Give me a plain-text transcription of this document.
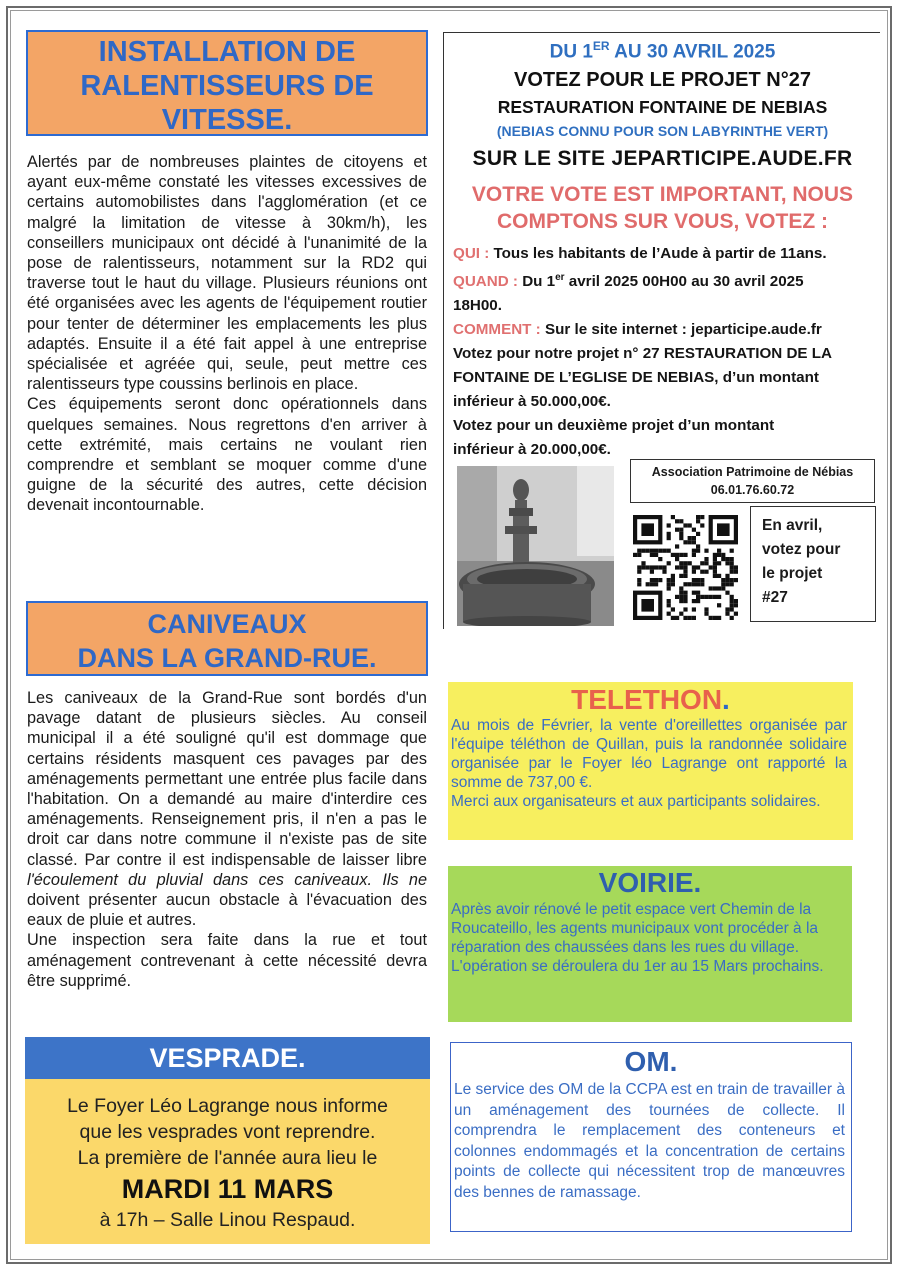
INSTALLATION DE
RALENTISSEURS DE
VITESSE.

Alertés par de nombreuses plaintes de citoyens et ayant eux-même constaté les vitesses excessives de certains automobilistes dans l'agglomération (et ce malgré la limitation de vitesse à 30km/h), les conseillers municipaux ont décidé à l'unanimité de la pose de ralentisseurs, notamment sur la RD2 qui traverse tout le haut du village. Plusieurs réunions ont été organisées avec les agents de l'équipement routier pour tenter de déterminer les emplacements les plus adaptés. Ensuite il a été fait appel à une entreprise spécialisée et agréée qui, seule, peut mettre ces ralentisseurs type coussins berlinois en place.

Ces équipements seront donc opérationnels dans quelques semaines. Nous regrettons d'en arriver à cette extrémité, mais certains ne voulant rien comprendre et semblant se moquer comme d'une guigne de la sécurité des autres, cette décision devenait incontournable.

CANIVEAUX
DANS LA GRAND-RUE.

Les caniveaux de la Grand-Rue sont bordés d'un pavage datant de plusieurs siècles. Au conseil municipal il a été souligné qu'il est dommage que certains résidents masquent ces pavages par des aménagements permettant une entrée plus facile dans l'habitation. On a demandé au maire d'interdire ces aménagements. Renseignement pris, il n'en a pas le droit car dans notre commune il n'existe pas de site classé. Par contre il est indispensable de laisser libre l'écoulement du pluvial dans ces caniveaux. Ils ne doivent présenter aucun obstacle à l'évacuation des eaux de pluie et autres.

Une inspection sera faite dans la rue et tout aménagement contrevenant à cette nécessité devra être supprimé.

VESPRADE.
Le Foyer Léo Lagrange nous informe
que les vesprades vont reprendre.
La première de l'année aura lieu le
MARDI 11 MARS
à 17h – Salle Linou Respaud.
DU 1ER AU 30 AVRIL 2025
VOTEZ POUR LE PROJET N°27
RESTAURATION FONTAINE DE NEBIAS
(NEBIAS CONNU POUR SON LABYRINTHE VERT)
SUR LE SITE JEPARTICIPE.AUDE.FR
VOTRE VOTE EST IMPORTANT, NOUS
COMPTONS SUR VOUS, VOTEZ :
QUI : Tous les habitants de l’Aude à partir de 11ans.
QUAND : Du 1er avril 2025 00H00 au 30 avril 2025
18H00.
COMMENT : Sur le site internet : jeparticipe.aude.fr
Votez pour notre projet n° 27 RESTAURATION DE LA
FONTAINE DE L’EGLISE DE NEBIAS, d’un montant
inférieur à 50.000,00€.
Votez pour un deuxième projet d’un montant
inférieur à 20.000,00€.
Association Patrimoine de Nébias
06.01.76.60.72
En avril,
votez pour
le projet
#27
TELETHON.
Au mois de Février, la vente d'oreillettes organisée par l'équipe téléthon de Quillan, puis la randonnée solidaire organisée par le Foyer léo Lagrange ont rapporté la somme de 737,00 €.
Merci aux organisateurs et aux participants solidaires.
VOIRIE.
Après avoir rénové le petit espace vert Chemin de la Roucateillo, les agents municipaux vont procéder à la réparation des chaussées dans les rues du village.
L'opération se déroulera du 1er au 15 Mars prochains.
OM.
Le service des OM de la CCPA est en train de travailler à un aménagement des tournées de collecte. Il comprendra le remplacement des conteneurs et colonnes endommagés et la concentration de certains points de collecte qui nécessitent trop de manœuvres des bennes de ramassage.
